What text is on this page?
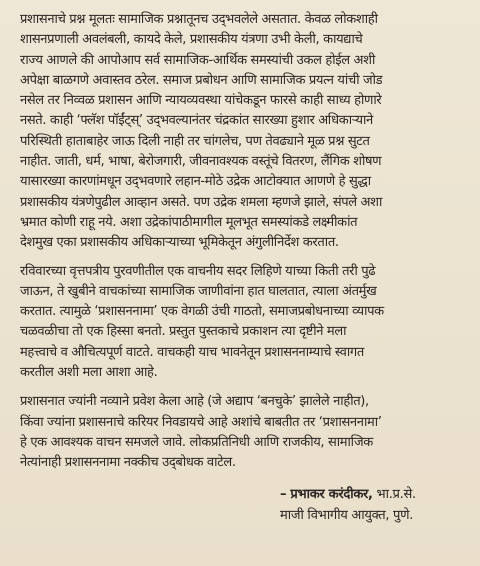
प्रशासनाचे प्रश्न मूलतः सामाजिक प्रश्नातूनच उद्‌भवलेले असतात. केवळ लोकशाही
शासनप्रणाली अवलंबली, कायदे केले, प्रशासकीय यंत्रणा उभी केली, कायद्याचे
राज्य आणले की आपोआप सर्व सामाजिक-आर्थिक समस्यांची उकल होईल अशी
अपेक्षा बाळगणे अवास्तव ठरेल. समाज प्रबोधन आणि सामाजिक प्रयत्न यांची जोड
नसेल तर निव्वळ प्रशासन आणि न्यायव्यवस्था यांचेकडून फारसे काही साध्य होणारे
नसते. काही ‘फ्लॅश पॉईंट्स्’ उद्‌भवल्यानंतर चंद्रकांत सारख्या हुशार अधिकाऱ्याने
परिस्थिती हाताबाहेर जाऊ दिली नाही तर चांगलेच, पण तेवढ्याने मूळ प्रश्न सुटत
नाहीत. जाती, धर्म, भाषा, बेरोजगारी, जीवनावश्यक वस्तूंचे वितरण, लैंगिक शोषण
यासारख्या कारणांमधून उद्‌भवणारे लहान-मोठे उद्रेक आटोक्यात आणणे हे सुद्धा
प्रशासकीय यंत्रणेपुढील आव्हान असते. पण उद्रेक शमला म्हणजे झाले, संपले अशा
भ्रमात कोणी राहू नये. अशा उद्रेकांपाठीमागील मूलभूत समस्यांकडे लक्ष्मीकांत
देशमुख एका प्रशासकीय अधिकाऱ्याच्या भूमिकेतून अंगुलीनिर्देश करतात.

रविवारच्या वृत्तपत्रीय पुरवणीतील एक वाचनीय सदर लिहिणे याच्या किती तरी पुढे
जाऊन, ते खुबीने वाचकांच्या सामाजिक जाणीवांना हात घालतात, त्याला अंतर्मुख
करतात. त्यामुळे ‘प्रशासननामा’ एक वेगळी उंची गाठतो, समाजप्रबोधनाच्या व्यापक
चळवळीचा तो एक हिस्सा बनतो. प्रस्तुत पुस्तकाचे प्रकाशन त्या दृष्टीने मला
महत्त्वाचे व औचित्यपूर्ण वाटते. वाचकही याच भावनेतून प्रशासननाम्याचे स्वागत
करतील अशी मला आशा आहे.

प्रशासनात ज्यांनी नव्याने प्रवेश केला आहे (जे अद्याप ‘बनचुके’ झालेले नाहीत),
किंवा ज्यांना प्रशासनाचे करियर निवडायचे आहे अशांचे बाबतीत तर ‘प्रशासननामा’
हे एक आवश्यक वाचन समजले जावे. लोकप्रतिनिधी आणि राजकीय, सामाजिक
नेत्यांनाही प्रशासननामा नक्कीच उद्‌बोधक वाटेल.

– प्रभाकर करंदीकर, भा.प्र.से.
माजी विभागीय आयुक्त, पुणे.
